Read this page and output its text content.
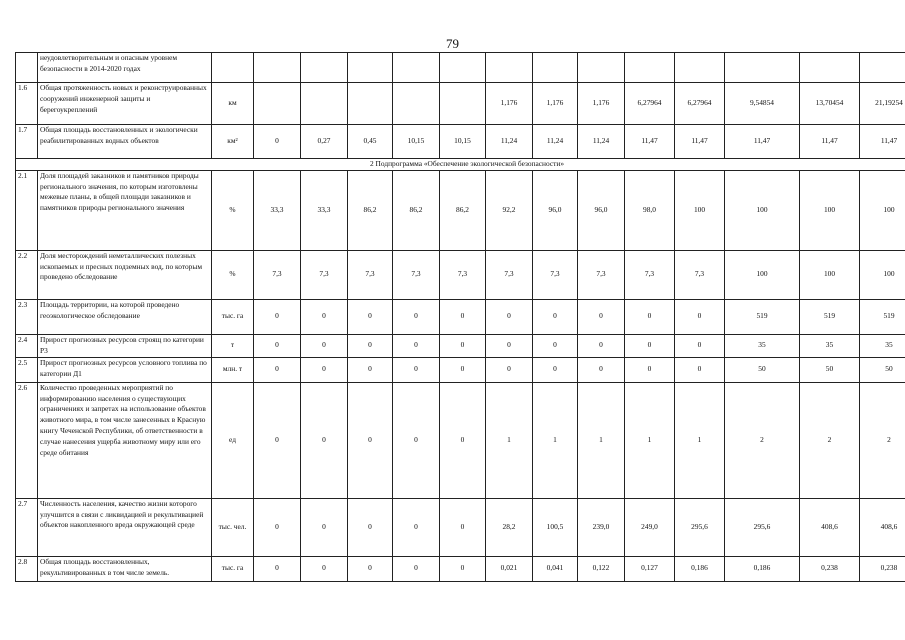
79
	неудовлетворительным и опасным уровнем безопасности в 2014-2020 годах														
1.6	Общая протяженность новых и реконструированных сооружений инженерной защиты и берегоукреплений	км						1,176	1,176	1,176	6,27964	6,27964	9,54854	13,70454	21,19254
1.7	Общая площадь восстановленных и экологически реабилитированных водных объектов	км²	0	0,27	0,45	10,15	10,15	11,24	11,24	11,24	11,47	11,47	11,47	11,47	11,47
2 Подпрограмма «Обеспечение экологической безопасности»															
2.1	Доля площадей заказников и памятников природы регионального значения, по которым изготовлены межевые планы, в общей площади заказников и памятников природы регионального значения	%	33,3	33,3	86,2	86,2	86,2	92,2	96,0	96,0	98,0	100	100	100	100
2.2	Доля месторождений неметаллических полезных ископаемых и пресных подземных вод, по которым проведено обследование	%	7,3	7,3	7,3	7,3	7,3	7,3	7,3	7,3	7,3	7,3	100	100	100
2.3	Площадь территории, на которой проведено геоэкологическое обследование	тыс. га	0	0	0	0	0	0	0	0	0	0	519	519	519
2.4	Прирост прогнозных ресурсов строящ по категории Р3	т	0	0	0	0	0	0	0	0	0	0	35	35	35
2.5	Прирост прогнозных ресурсов условного топлива по категории Д1	млн. т	0	0	0	0	0	0	0	0	0	0	50	50	50
2.6	Количество проведенных мероприятий по информированию населения о существующих ограничениях и запретах на использование объектов животного мира, в том числе занесенных в Красную книгу Чеченской Республики, об ответственности в случае нанесения ущерба животному миру или его среде обитания	ед	0	0	0	0	0	1	1	1	1	1	2	2	2
2.7	Численность населения, качество жизни которого улучшится в связи с ликвидацией и рекультивацией объектов накопленного вреда окружающей среде	тыс. чел.	0	0	0	0	0	28,2	100,5	239,0	249,0	295,6	295,6	408,6	408,6
2.8	Общая площадь восстановленных, рекультивированных в том числе земель.	тыс. га	0	0	0	0	0	0,021	0,041	0,122	0,127	0,186	0,186	0,238	0,238
